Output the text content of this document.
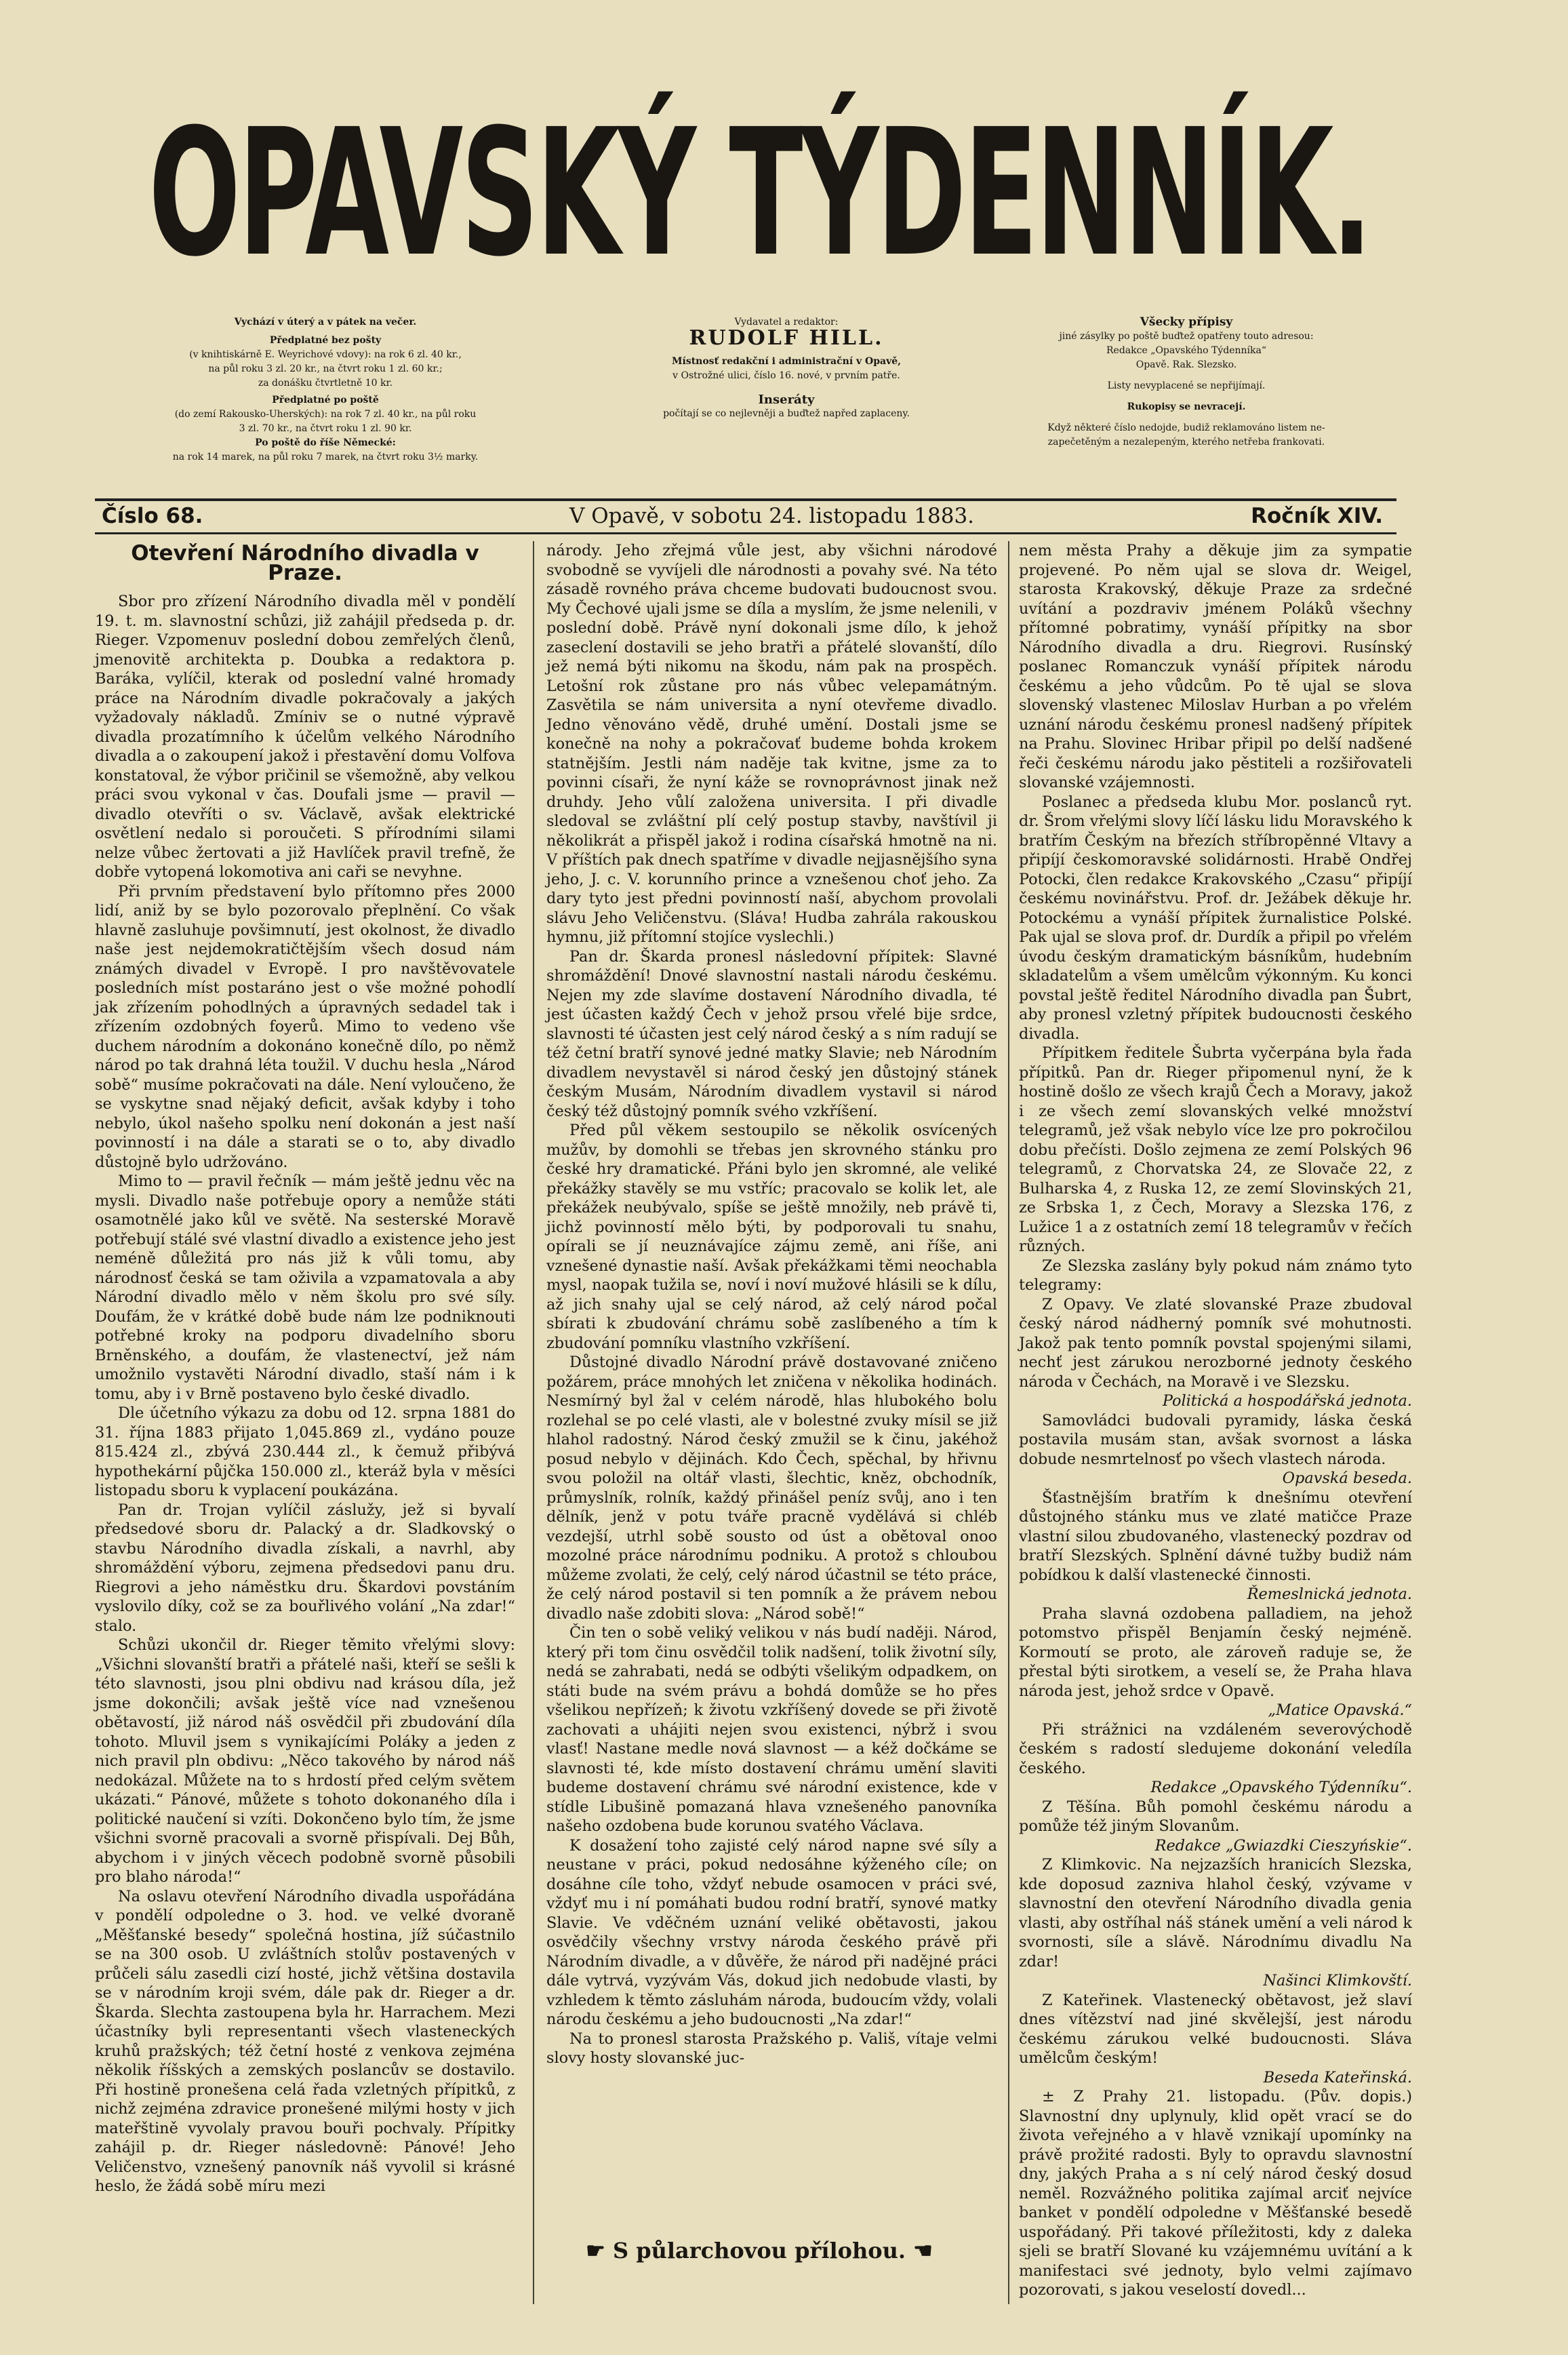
OPAVSKÝ TÝDENNÍK.
Vychází v úterý a v pátek na večer.
Předplatné bez pošty
(v knihtiskárně E. Weyrichové vdovy): na rok 6 zl. 40 kr.,
na půl roku 3 zl. 20 kr., na čtvrt roku 1 zl. 60 kr.;
za donášku čtvrtletně 10 kr.
Předplatné po poště
(do zemí Rakousko-Uherských): na rok 7 zl. 40 kr., na půl roku
3 zl. 70 kr., na čtvrt roku 1 zl. 90 kr.
Po poště do říše Německé:
na rok 14 marek, na půl roku 7 marek, na čtvrt roku 3½ marky.
Vydavatel a redaktor:
RUDOLF HILL.
Místnosť redakční i administrační v Opavě,
v Ostrožné ulici, číslo 16. nové, v prvním patře.
Inseráty
počítají se co nejlevněji a buďtež napřed zaplaceny.
Všecky přípisy
jiné zásylky po poště buďtež opatřeny touto adresou:
Redakce „Opavského Týdenníka“
Opavě. Rak. Slezsko.
Listy nevyplacené se nepřijímají.
Rukopisy se nevracejí.
Když některé číslo nedojde, budiž reklamováno listem ne-
zapečetěným a nezalepeným, kterého netřeba frankovati.
Číslo 68.	V Opavě, v sobotu 24. listopadu 1883.	Ročník XIV.
Otevření Národního divadla v Praze.

Sbor pro zřízení Národního divadla měl v pondělí 19. t. m. slavnostní schůzi, již zahájil předseda p. dr. Rieger. Vzpomenuv poslední dobou zemřelých členů, jmenovitě architekta p. Doubka a redaktora p. Baráka, vylíčil, kterak od poslední valné hromady práce na Národním divadle pokračovaly a jakých vyžadovaly nákladů. Zmíniv se o nutné výpravě divadla prozatímního k účelům velkého Národního divadla a o zakoupení jakož i přestavění domu Volfova konstatoval, že výbor pričinil se všemožně, aby velkou práci svou vykonal v čas. Doufali jsme — pravil — divadlo otevříti o sv. Václavě, avšak elektrické osvětlení nedalo si poroučeti. S přírodními silami nelze vůbec žertovati a již Havlíček pravil trefně, že dobře vytopená lokomotiva ani caři se nevyhne.

Při prvním představení bylo přítomno přes 2000 lidí, aniž by se bylo pozorovalo přeplnění. Co však hlavně zasluhuje povšimnutí, jest okolnost, že divadlo naše jest nejdemokratičtějším všech dosud nám známých divadel v Evropě. I pro navštěvovatele posledních míst postaráno jest o vše možné pohodlí jak zřízením pohodlných a úpravných sedadel tak i zřízením ozdobných foyerů. Mimo to vedeno vše duchem národním a dokonáno konečně dílo, po němž národ po tak drahná léta toužil. V duchu hesla „Národ sobě“ musíme pokračovati na dále. Není vyloučeno, že se vyskytne snad nějaký deficit, avšak kdyby i toho nebylo, úkol našeho spolku není dokonán a jest naší povinností i na dále a starati se o to, aby divadlo důstojně bylo udržováno.

Mimo to — pravil řečník — mám ještě jednu věc na mysli. Divadlo naše potřebuje opory a nemůže státi osamotnělé jako kůl ve světě. Na sesterské Moravě potřebují stálé své vlastní divadlo a existence jeho jest neméně důležitá pro nás již k vůli tomu, aby národnosť česká se tam oživila a vzpamatovala a aby Národní divadlo mělo v něm školu pro své síly. Doufám, že v krátké době bude nám lze podniknouti potřebné kroky na podporu divadelního sboru Brněnského, a doufám, že vlastenectví, jež nám umožnilo vystavěti Národní divadlo, staší nám i k tomu, aby i v Brně postaveno bylo české divadlo.

Dle účetního výkazu za dobu od 12. srpna 1881 do 31. října 1883 přijato 1,045.869 zl., vydáno pouze 815.424 zl., zbývá 230.444 zl., k čemuž přibývá hypothekární půjčka 150.000 zl., kteráž byla v měsíci listopadu sboru k vyplacení poukázána.

Pan dr. Trojan vylíčil záslužy, jež si byvalí předsedové sboru dr. Palacký a dr. Sladkovský o stavbu Národního divadla získali, a navrhl, aby shromáždění výboru, zejmena předsedovi panu dru. Riegrovi a jeho náměstku dru. Škardovi povstáním vyslovilo díky, což se za bouřlivého volání „Na zdar!“ stalo.

Schůzi ukončil dr. Rieger těmito vřelými slovy: „Všichni slovanští bratři a přátelé naši, kteří se sešli k této slavnosti, jsou plni obdivu nad krásou díla, jež jsme dokončili; avšak ještě více nad vznešenou obětavostí, již národ náš osvědčil při zbudování díla tohoto. Mluvil jsem s vynikajícími Poláky a jeden z nich pravil pln obdivu: „Něco takového by národ náš nedokázal. Můžete na to s hrdostí před celým světem ukázati.“ Pánové, můžete s tohoto dokonaného díla i politické naučení si vzíti. Dokončeno bylo tím, že jsme všichni svorně pracovali a svorně přispívali. Dej Bůh, abychom i v jiných věcech podobně svorně působili pro blaho národa!“

Na oslavu otevření Národního divadla uspořádána v pondělí odpoledne o 3. hod. ve velké dvoraně „Měšťanské besedy“ společná hostina, jíž súčastnilo se na 300 osob. U zvláštních stolův postavených v průčeli sálu zasedli cizí hosté, jichž většina dostavila se v národním kroji svém, dále pak dr. Rieger a dr. Škarda. Slechta zastoupena byla hr. Harrachem. Mezi účastníky byli representanti všech vlasteneckých kruhů pražských; též četní hosté z venkova zejména několik říšských a zemských poslancův se dostavilo. Při hostině pronešena celá řada vzletných přípitků, z nichž zejména zdravice pronešené milými hosty v jich mateřštině vyvolaly pravou bouři pochvaly. Přípitky zahájil p. dr. Rieger následovně: Pánové! Jeho Veličenstvo, vznešený panovník náš vyvolil si krásné heslo, že žádá sobě míru mezi

národy. Jeho zřejmá vůle jest, aby všichni národové svobodně se vyvíjeli dle národnosti a povahy své. Na této zásadě rovného práva chceme budovati budoucnost svou. My Čechové ujali jsme se díla a myslím, že jsme nelenili, v poslední době. Právě nyní dokonali jsme dílo, k jehož zaseclení dostavili se jeho bratři a přátelé slovanští, dílo jež nemá býti nikomu na škodu, nám pak na prospěch. Letošní rok zůstane pro nás vůbec velepamátným. Zasvětila se nám universita a nyní otevřeme divadlo. Jedno věnováno vědě, druhé umění. Dostali jsme se konečně na nohy a pokračovať budeme bohda krokem statnějším. Jestli nám naděje tak kvitne, jsme za to povinni císaři, že nyní káže se rovnoprávnost jinak než druhdy. Jeho vůlí založena universita. I při divadle sledoval se zvláštní plí celý postup stavby, navštívil ji několikrát a přispěl jakož i rodina císařská hmotně na ni. V příštích pak dnech spatříme v divadle nejjasnějšího syna jeho, J. c. V. korunního prince a vznešenou choť jeho. Za dary tyto jest předni povinností naší, abychom provolali slávu Jeho Veličenstvu. (Sláva! Hudba zahrála rakouskou hymnu, již přítomní stojíce vyslechli.)

Pan dr. Škarda pronesl následovní přípitek: Slavné shromáždění! Dnové slavnostní nastali národu českému. Nejen my zde slavíme dostavení Národního divadla, té jest účasten každý Čech v jehož prsou vřelé bije srdce, slavnosti té účasten jest celý národ český a s ním radují se též četní bratří synové jedné matky Slavie; neb Národním divadlem nevystavěl si národ český jen důstojný stánek českým Musám, Národním divadlem vystavil si národ český též důstojný pomník svého vzkříšení.

Před půl věkem sestoupilo se několik osvícených mužův, by domohli se třebas jen skrovného stánku pro české hry dramatické. Přáni bylo jen skromné, ale veliké překážky stavěly se mu vstříc; pracovalo se kolik let, ale překážek neubývalo, spíše se ještě množily, neb právě ti, jichž povinností mělo býti, by podporovali tu snahu, opírali se jí neuznávajíce zájmu země, ani říše, ani vznešené dynastie naší. Avšak překážkami těmi neochabla mysl, naopak tužila se, noví i noví mužové hlásili se k dílu, až jich snahy ujal se celý národ, až celý národ počal sbírati k zbudování chrámu sobě zaslíbeného a tím k zbudování pomníku vlastního vzkříšení.

Důstojné divadlo Národní právě dostavované zničeno požárem, práce mnohých let zničena v několika hodinách. Nesmírný byl žal v celém národě, hlas hlubokého bolu rozlehal se po celé vlasti, ale v bolestné zvuky mísil se již hlahol radostný. Národ český zmužil se k činu, jakéhož posud nebylo v dějinách. Kdo Čech, spěchal, by hřivnu svou položil na oltář vlasti, šlechtic, kněz, obchodník, průmyslník, rolník, každý přinášel peníz svůj, ano i ten dělník, jenž v potu tváře pracně vydělává si chléb vezdejší, utrhl sobě sousto od úst a obětoval onoo mozolné práce národnímu podniku. A protož s chloubou můžeme zvolati, že celý, celý národ účastnil se této práce, že celý národ postavil si ten pomník a že právem nebou divadlo naše zdobiti slova: „Národ sobě!“

Čin ten o sobě veliký velikou v nás budí naději. Národ, který při tom činu osvědčil tolik nadšení, tolik životní síly, nedá se zahrabati, nedá se odbýti všelikým odpadkem, on státi bude na svém právu a bohdá domůže se ho přes všelikou nepřízeň; k životu vzkříšený dovede se při životě zachovati a uhájiti nejen svou existenci, nýbrž i svou vlasť! Nastane medle nová slavnost — a kéž dočkáme se slavnosti té, kde místo dostavení chrámu umění slaviti budeme dostavení chrámu své národní existence, kde v stídle Libušině pomazaná hlava vznešeného panovníka našeho ozdobena bude korunou svatého Václava.

K dosažení toho zajisté celý národ napne své síly a neustane v práci, pokud nedosáhne kýženého cíle; on dosáhne cíle toho, vždyť nebude osamocen v práci své, vždyť mu i ní pomáhati budou rodní bratří, synové matky Slavie. Ve vděčném uznání veliké obětavosti, jakou osvědčily všechny vrstvy národa českého právě při Národním divadle, a v důvěře, že národ při nadějné práci dále vytrvá, vyzývám Vás, dokud jich nedobude vlasti, by vzhledem k těmto zásluhám národa, budoucím vždy, volali národu českému a jeho budoucnosti „Na zdar!“

Na to pronesl starosta Pražského p. Vališ, vítaje velmi slovy hosty slovanské juc-

nem města Prahy a děkuje jim za sympatie projevené. Po něm ujal se slova dr. Weigel, starosta Krakovský, děkuje Praze za srdečné uvítání a pozdraviv jménem Poláků všechny přítomné pobratimy, vynáší přípitky na sbor Národního divadla a dru. Riegrovi. Rusínský poslanec Romanczuk vynáší přípitek národu českému a jeho vůdcům. Po tě ujal se slova slovenský vlastenec Miloslav Hurban a po vřelém uznání národu českému pronesl nadšený přípitek na Prahu. Slovinec Hribar připil po delší nadšené řeči českému národu jako pěstiteli a rozšiřovateli slovanské vzájemnosti.

Poslanec a předseda klubu Mor. poslanců ryt. dr. Šrom vřelými slovy líčí lásku lidu Moravského k bratřím Českým na březích stříbropěnné Vltavy a připíjí českomoravské solidárnosti. Hrabě Ondřej Potocki, člen redakce Krakovského „Czasu“ připíjí českému novinářstvu. Prof. dr. Ježábek děkuje hr. Potockému a vynáší přípitek žurnalistice Polské. Pak ujal se slova prof. dr. Durdík a připil po vřelém úvodu českým dramatickým básníkům, hudebním skladatelům a všem umělcům výkonným. Ku konci povstal ještě ředitel Národního divadla pan Šubrt, aby pronesl vzletný přípitek budoucnosti českého divadla.

Přípitkem ředitele Šubrta vyčerpána byla řada přípitků. Pan dr. Rieger připomenul nyní, že k hostině došlo ze všech krajů Čech a Moravy, jakož i ze všech zemí slovanských velké množství telegramů, jež však nebylo více lze pro pokročilou dobu přečísti. Došlo zejmena ze zemí Polských 96 telegramů, z Chorvatska 24, ze Slovače 22, z Bulharska 4, z Ruska 12, ze zemí Slovinských 21, ze Srbska 1, z Čech, Moravy a Slezska 176, z Lužice 1 a z ostatních zemí 18 telegramův v řečích různých.

Ze Slezska zaslány byly pokud nám známo tyto telegramy:

Z Opavy. Ve zlaté slovanské Praze zbudoval český národ nádherný pomník své mohutnosti. Jakož pak tento pomník povstal spojenými silami, nechť jest zárukou nerozborné jednoty českého národa v Čechách, na Moravě i ve Slezsku.

Politická a hospodářská jednota.

Samovládci budovali pyramidy, láska česká postavila musám stan, avšak svornost a láska dobude nesmrtelnosť po všech vlastech národa.

Opavská beseda.

Šťastnějším bratřím k dnešnímu otevření důstojného stánku mus ve zlaté matičce Praze vlastní silou zbudovaného, vlastenecký pozdrav od bratří Slezských. Splnění dávné tužby budiž nám pobídkou k další vlastenecké činnosti.

Řemeslnická jednota.

Praha slavná ozdobena palladiem, na jehož potomstvo přispěl Benjamín český nejméně. Kormoutí se proto, ale zároveň raduje se, že přestal býti sirotkem, a veselí se, že Praha hlava národa jest, jehož srdce v Opavě.

„Matice Opavská.“

Při strážnici na vzdáleném severovýchodě českém s radostí sledujeme dokonání veledíla českého.

Redakce „Opavského Týdenníku“.

Z Těšína. Bůh pomohl českému národu a pomůže též jiným Slovanům.

Redakce „Gwiazdki Cieszyńskie“.

Z Klimkovic. Na nejzazších hranicích Slezska, kde doposud zazniva hlahol český, vzývame v slavnostní den otevření Národního divadla genia vlasti, aby ostříhal náš stánek umění a veli národ k svornosti, síle a slávě. Národnímu divadlu Na zdar!

Našinci Klimkovští.

Z Kateřinek. Vlastenecký obětavost, jež slaví dnes vítězství nad jiné skvělejší, jest národu českému zárukou velké budoucnosti. Sláva umělcům českým!

Beseda Kateřinská.

± Z Prahy 21. listopadu. (Pův. dopis.) Slavnostní dny uplynuly, klid opět vrací se do života veřejného a v hlavě vznikají upomínky na právě prožité radosti. Byly to opravdu slavnostní dny, jakých Praha a s ní celý národ český dosud neměl. Rozvážného politika zajímal arciť nejvíce banket v pondělí odpoledne v Měšťanské besedě uspořádaný. Při takové příležitosti, kdy z daleka sjeli se bratří Slované ku vzájemnému uvítání a k manifestaci své jednoty, bylo velmi zajímavo pozorovati, s jakou veselostí dovedl...

☛ S půlarchovou přílohou. ☚
